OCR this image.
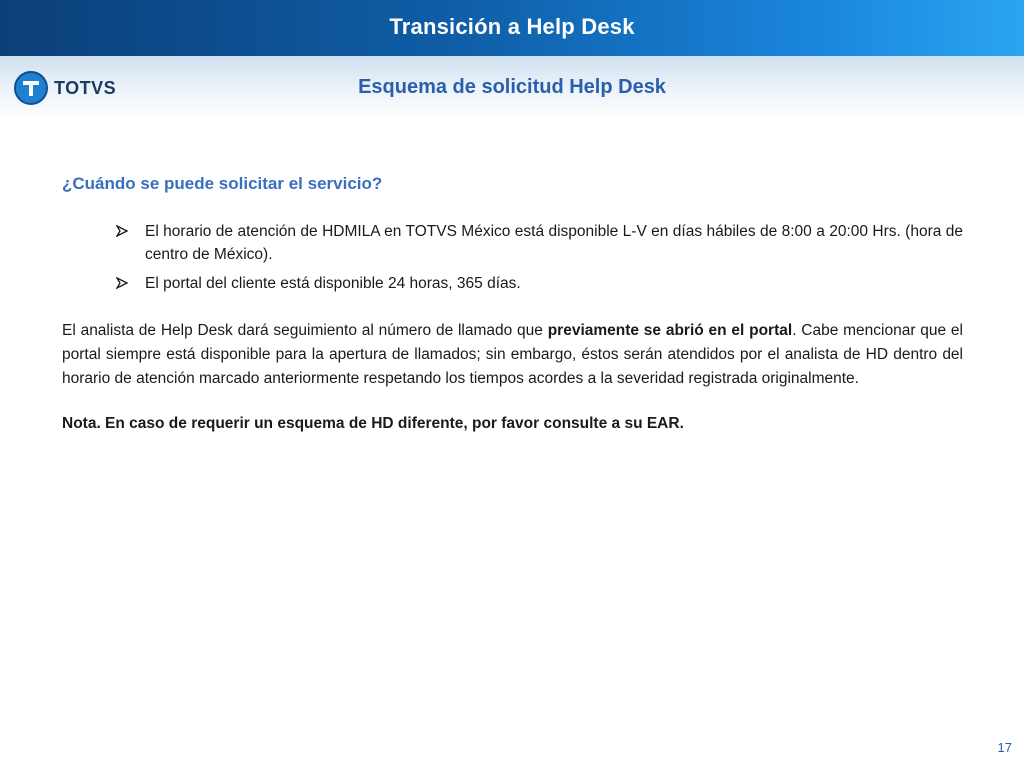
Transición a Help Desk
TOTVS	Esquema de solicitud Help Desk

¿Cuándo se puede solicitar el servicio?

El horario de atención de HDMILA en TOTVS México está disponible L-V en días hábiles de 8:00 a 20:00 Hrs. (hora de centro de México).
El portal del cliente está disponible 24 horas, 365 días.

El analista de Help Desk dará seguimiento al número de llamado que previamente se abrió en el portal. Cabe mencionar que el portal siempre está disponible para la apertura de llamados; sin embargo, éstos serán atendidos por el analista de HD dentro del horario de atención marcado anteriormente respetando los tiempos acordes a la severidad registrada originalmente.

Nota. En caso de requerir un esquema de HD diferente, por favor consulte a su EAR.

17
